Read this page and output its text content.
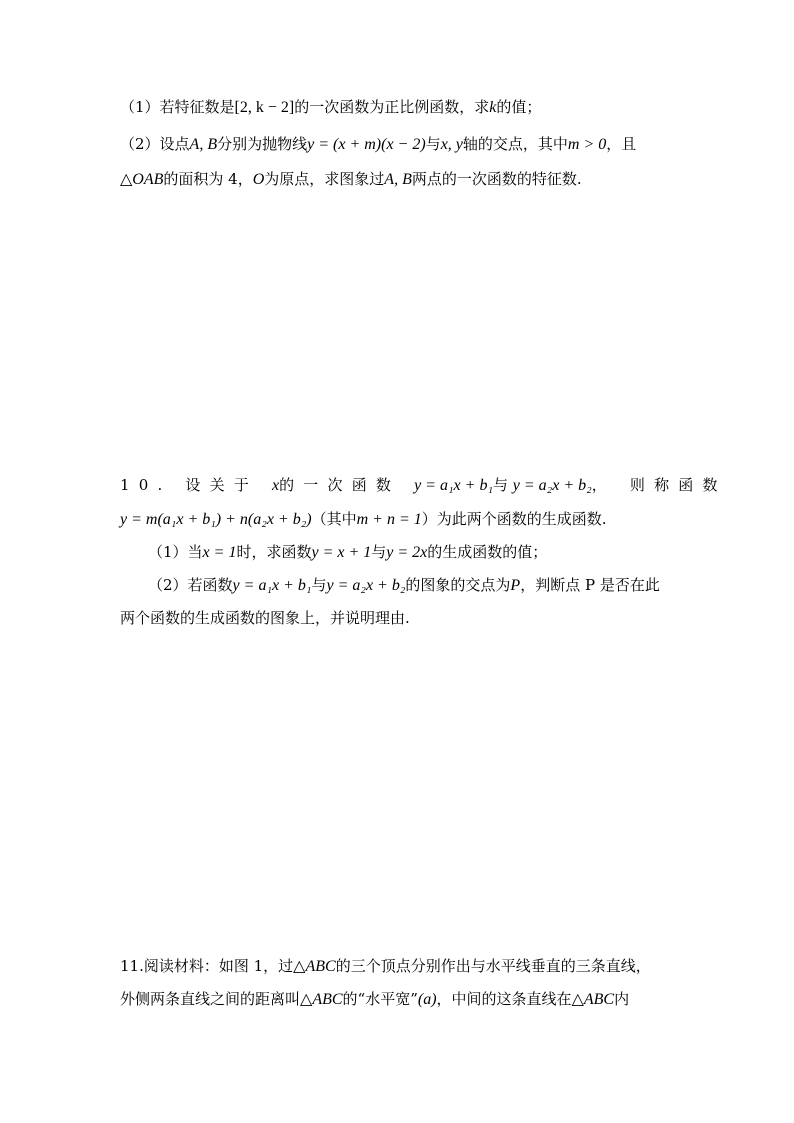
（1）若特征数是[2, k − 2]的一次函数为正比例函数，求k的值；
（2）设点A, B分别为抛物线y = (x + m)(x − 2)与x, y轴的交点，其中m > 0，且
△OAB的面积为 4，O为原点，求图象过A, B两点的一次函数的特征数.
10. 设关于 x的一次函数 y = a₁x + b₁与 y = a₂x + b₂， 则称函数
y = m(a₁x + b₁) + n(a₂x + b₂)（其中m + n = 1）为此两个函数的生成函数.
（1）当x = 1时，求函数y = x + 1与y = 2x的生成函数的值；
（2）若函数y = a₁x + b₁与y = a₂x + b₂的图象的交点为P，判断点 P 是否在此
两个函数的生成函数的图象上，并说明理由.
11.阅读材料：如图 1，过△ABC的三个顶点分别作出与水平线垂直的三条直线，
外侧两条直线之间的距离叫△ABC的“水平宽”(a)，中间的这条直线在△ABC内
